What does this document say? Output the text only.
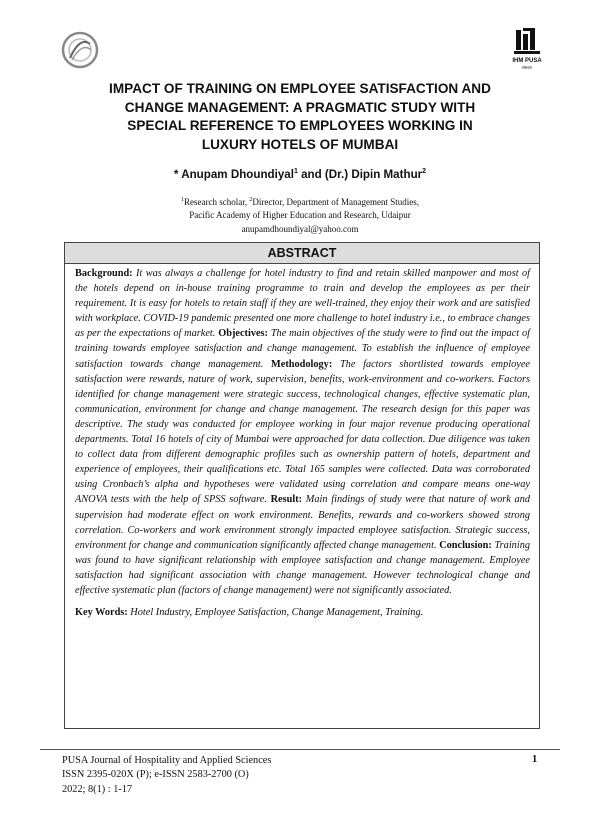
IHM PUSA
संस्थान
IMPACT OF TRAINING ON EMPLOYEE SATISFACTION AND
CHANGE MANAGEMENT: A PRAGMATIC STUDY WITH
SPECIAL REFERENCE TO EMPLOYEES WORKING IN
LUXURY HOTELS OF MUMBAI
* Anupam Dhoundiyal$^1$ and (Dr.) Dipin Mathur$^2$
$^1$Research scholar, $^2$Director, Department of Management Studies,
Pacific Academy of Higher Education and Research, Udaipur
anupamdhoundiyal@yahoo.com
ABSTRACT
Background: It was always a challenge for hotel industry to find and retain skilled manpower and most of the hotels depend on in-house training programme to train and develop the employees as per their requirement. It is easy for hotels to retain staff if they are well-trained, they enjoy their work and are satisfied with workplace. COVID-19 pandemic presented one more challenge to hotel industry i.e., to embrace changes as per the expectations of market. Objectives: The main objectives of the study were to find out the impact of training towards employee satisfaction and change management. To establish the influence of employee satisfaction towards change management. Methodology: The factors shortlisted towards employee satisfaction were rewards, nature of work, supervision, benefits, work-environment and co-workers. Factors identified for change management were strategic success, technological changes, effective systematic plan, communication, environment for change and change management. The research design for this paper was descriptive. The study was conducted for employee working in four major revenue producing operational departments. Total 16 hotels of city of Mumbai were approached for data collection. Due diligence was taken to collect data from different demographic profiles such as ownership pattern of hotels, department and experience of employees, their qualifications etc. Total 165 samples were collected. Data was corroborated using Cronbach’s alpha and hypotheses were validated using correlation and compare means one-way ANOVA tests with the help of SPSS software. Result: Main findings of study were that nature of work and supervision had moderate effect on work environment. Benefits, rewards and co-workers showed strong correlation. Co-workers and work environment strongly impacted employee satisfaction. Strategic success, environment for change and communication significantly affected change management. Conclusion: Training was found to have significant relationship with employee satisfaction and change management. Employee satisfaction had significant association with change management. However technological change and effective systematic plan (factors of change management) were not significantly associated.
Key Words: Hotel Industry, Employee Satisfaction, Change Management, Training.
PUSA Journal of Hospitality and Applied Sciences
ISSN 2395-020X (P); e-ISSN 2583-2700 (O)
2022; 8(1) : 1-17
1
